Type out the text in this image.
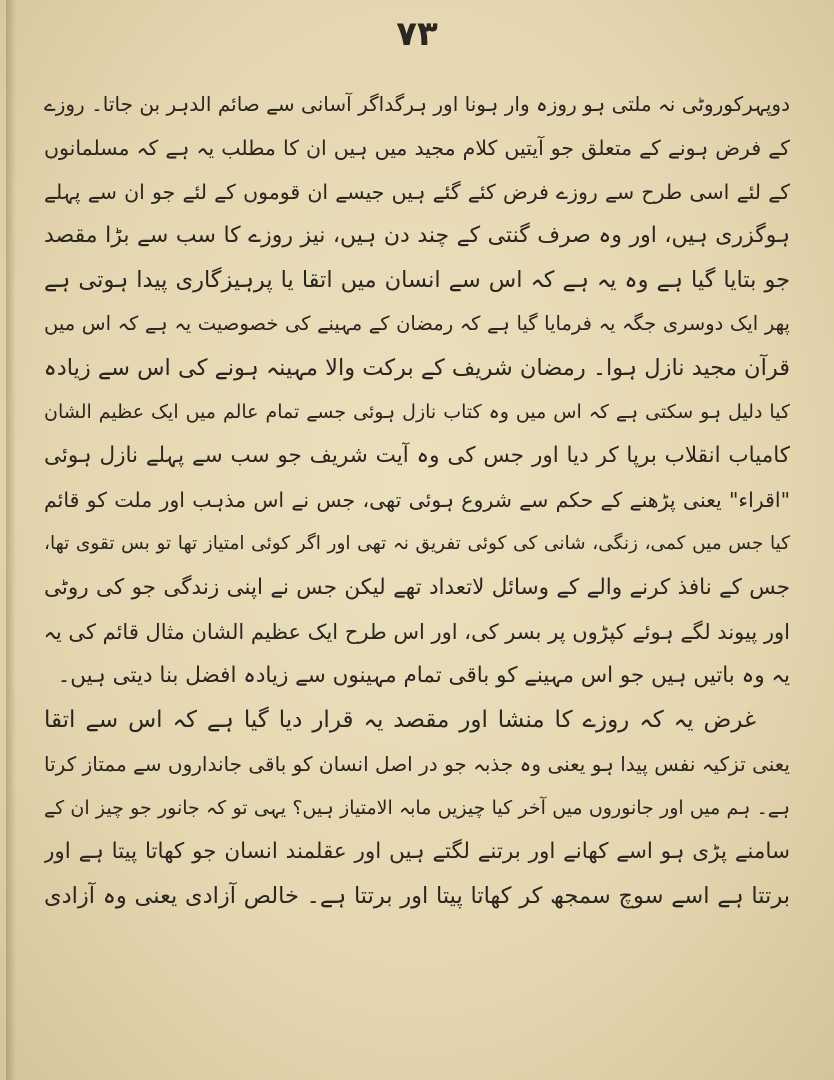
٧٣
دوپہرکوروٹی نہ ملتی ہو روزہ وار ہونا اور ہرگداگر آسانی سے صائم الدہر بن جاتا۔ روزے
کے فرض ہونے کے متعلق جو آیتیں کلام مجید میں ہیں ان کا مطلب یہ ہے کہ مسلمانوں
کے لئے اسی طرح سے روزے فرض کئے گئے ہیں جیسے ان قوموں کے لئے جو ان سے پہلے
ہوگزری ہیں، اور وہ صرف گنتی کے چند دن ہیں، نیز روزے کا سب سے بڑا مقصد
جو بتایا گیا ہے وہ یہ ہے کہ اس سے انسان میں اتقا یا پرہیزگاری پیدا ہوتی ہے
پھر ایک دوسری جگہ یہ فرمایا گیا ہے کہ رمضان کے مہینے کی خصوصیت یہ ہے کہ اس میں
قرآن مجید نازل ہوا۔ رمضان شریف کے برکت والا مہینہ ہونے کی اس سے زیادہ
کیا دلیل ہو سکتی ہے کہ اس میں وہ کتاب نازل ہوئی جسے تمام عالم میں ایک عظیم الشان
کامیاب انقلاب برپا کر دیا اور جس کی وہ آیت شریف جو سب سے پہلے نازل ہوئی
"اقراء" یعنی پڑھنے کے حکم سے شروع ہوئی تھی، جس نے اس مذہب اور ملت کو قائم
کیا جس میں کمی، زنگی، شانی کی کوئی تفریق نہ تھی اور اگر کوئی امتیاز تھا تو بس تقوی تھا،
جس کے نافذ کرنے والے کے وسائل لاتعداد تھے لیکن جس نے اپنی زندگی جو کی روٹی
اور پیوند لگے ہوئے کپڑوں پر بسر کی، اور اس طرح ایک عظیم الشان مثال قائم کی یہ
یہ وہ باتیں ہیں جو اس مہینے کو باقی تمام مہینوں سے زیادہ افضل بنا دیتی ہیں۔
غرض یہ کہ روزے کا منشا اور مقصد یہ قرار دیا گیا ہے کہ اس سے اتقا
یعنی تزکیہ نفس پیدا ہو یعنی وہ جذبہ جو در اصل انسان کو باقی جانداروں سے ممتاز کرتا
ہے۔ ہم میں اور جانوروں میں آخر کیا چیزیں مابہ الامتیاز ہیں؟ یہی تو کہ جانور جو چیز ان کے
سامنے پڑی ہو اسے کھانے اور برتنے لگتے ہیں اور عقلمند انسان جو کھاتا پیتا ہے اور
برتتا ہے اسے سوچ سمجھ کر کھاتا پیتا اور برتتا ہے۔ خالص آزادی یعنی وہ آزادی
